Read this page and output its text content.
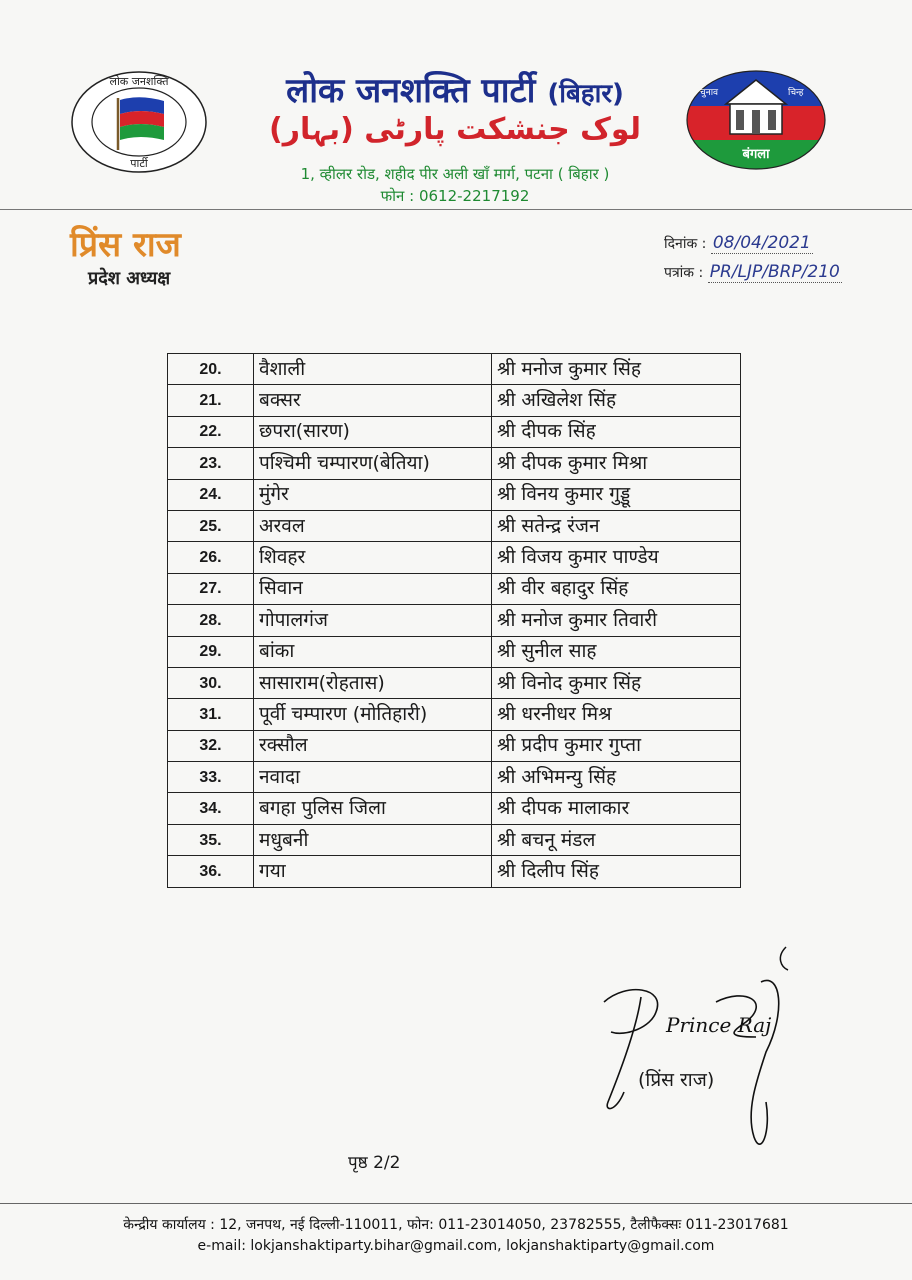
लोक जनशक्ति
पार्टी
लोक जनशक्ति पार्टी (बिहार)
لوک جنشکت پارٹی (بہار)
1, व्हीलर रोड, शहीद पीर अली खाँ मार्ग, पटना ( बिहार )
फोन : 0612-2217192
चुनाव	चिन्ह
बंगला
प्रिंस राज
प्रदेश अध्यक्ष
दिनांक : 08/04/2021
पत्रांक : PR/LJP/BRP/210
20.	वैशाली	श्री मनोज कुमार सिंह
21.	बक्सर	श्री अखिलेश सिंह
22.	छपरा(सारण)	श्री दीपक सिंह
23.	पश्चिमी चम्पारण(बेतिया)	श्री दीपक कुमार मिश्रा
24.	मुंगेर	श्री विनय कुमार गुड्डू
25.	अरवल	श्री सतेन्द्र रंजन
26.	शिवहर	श्री विजय कुमार पाण्डेय
27.	सिवान	श्री वीर बहादुर सिंह
28.	गोपालगंज	श्री मनोज कुमार तिवारी
29.	बांका	श्री सुनील साह
30.	सासाराम(रोहतास)	श्री विनोद कुमार सिंह
31.	पूर्वी चम्पारण (मोतिहारी)	श्री धरनीधर मिश्र
32.	रक्सौल	श्री प्रदीप कुमार गुप्ता
33.	नवादा	श्री अभिमन्यु सिंह
34.	बगहा पुलिस जिला	श्री दीपक मालाकार
35.	मधुबनी	श्री बचनू मंडल
36.	गया	श्री दिलीप सिंह
Prince Raj
(प्रिंस राज)
पृष्ठ 2/2
केन्द्रीय कार्यालय : 12, जनपथ, नई दिल्ली-110011, फोन: 011-23014050, 23782555, टैलीफैक्सः 011-23017681
e-mail: lokjanshaktiparty.bihar@gmail.com, lokjanshaktiparty@gmail.com
